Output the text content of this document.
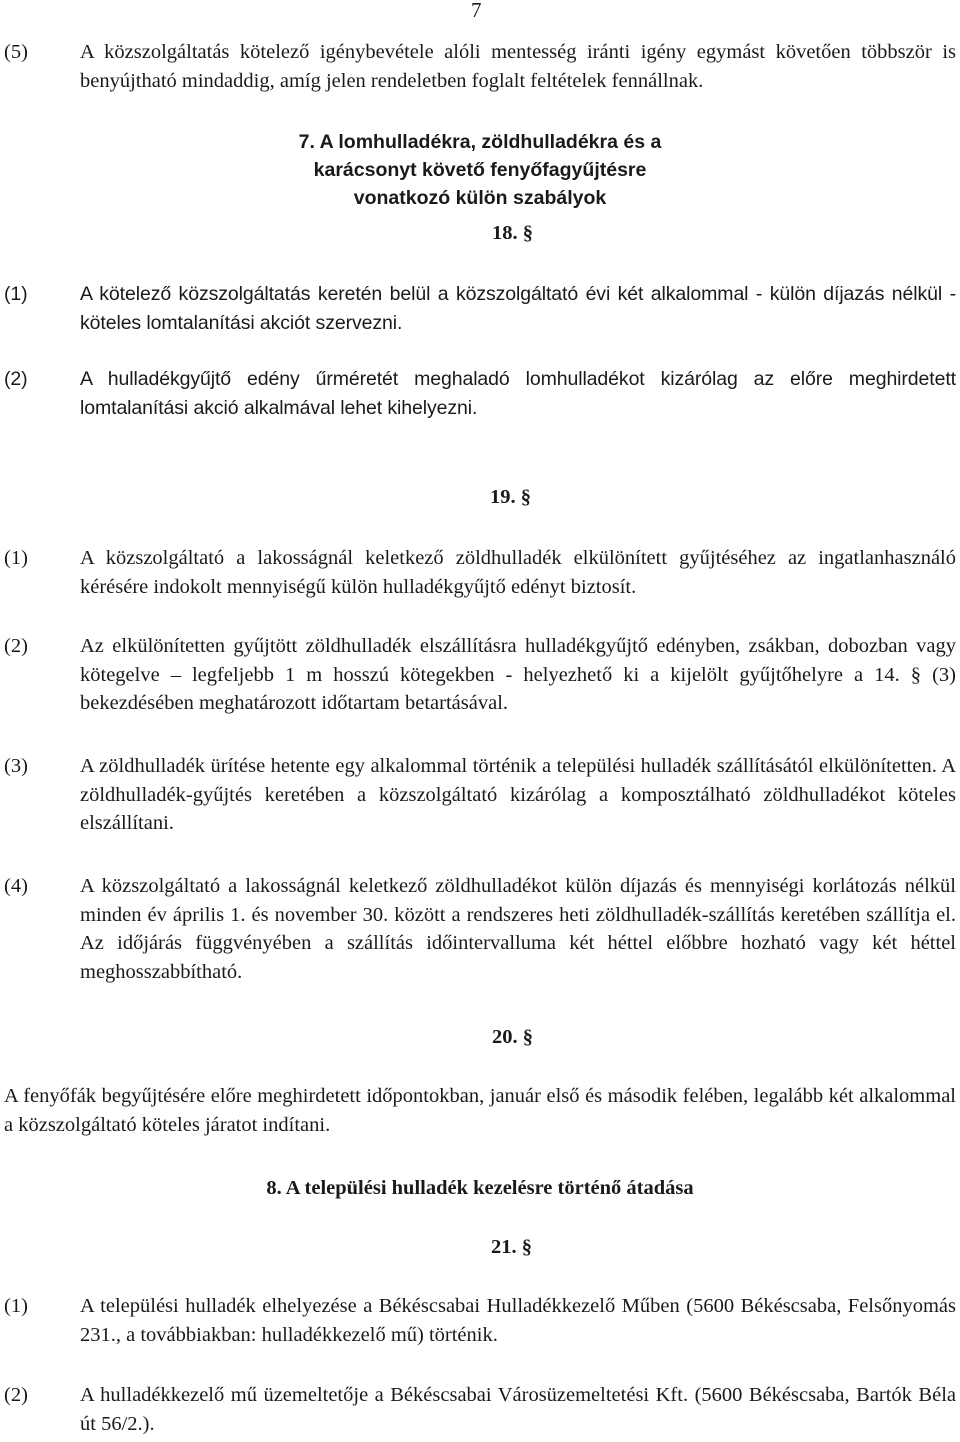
7
(5)	A közszolgáltatás kötelező igénybevétele alóli mentesség iránti igény egymást követően többször is benyújtható mindaddig, amíg jelen rendeletben foglalt feltételek fennállnak.
7. A lomhulladékra, zöldhulladékra és a karácsonyt követő fenyőfagyűjtésre vonatkozó külön szabályok
18. §
(1)	A kötelező közszolgáltatás keretén belül a közszolgáltató évi két alkalommal - külön díjazás nélkül - köteles lomtalanítási akciót szervezni.
(2)	A hulladékgyűjtő edény űrméretét meghaladó lomhulladékot kizárólag az előre meghirdetett lomtalanítási akció alkalmával lehet kihelyezni.
19. §
(1)	A közszolgáltató a lakosságnál keletkező zöldhulladék elkülönített gyűjtéséhez az ingatlanhasználó kérésére indokolt mennyiségű külön hulladékgyűjtő edényt biztosít.
(2)	Az elkülönítetten gyűjtött zöldhulladék elszállításra hulladékgyűjtő edényben, zsákban, dobozban vagy kötegelve – legfeljebb 1 m hosszú kötegekben - helyezhető ki a kijelölt gyűjtőhelyre a 14. § (3) bekezdésében meghatározott időtartam betartásával.
(3)	A zöldhulladék ürítése hetente egy alkalommal történik a települési hulladék szállításától elkülönítetten. A zöldhulladék-gyűjtés keretében a közszolgáltató kizárólag a komposztálható zöldhulladékot köteles elszállítani.
(4)	A közszolgáltató a lakosságnál keletkező zöldhulladékot külön díjazás és mennyiségi korlátozás nélkül minden év április 1. és november 30. között a rendszeres heti zöldhulladék-szállítás keretében szállítja el. Az időjárás függvényében a szállítás időintervalluma két héttel előbbre hozható vagy két héttel meghosszabbítható.
20. §
A fenyőfák begyűjtésére előre meghirdetett időpontokban, január első és második felében, legalább két alkalommal a közszolgáltató köteles járatot indítani.
8. A települési hulladék kezelésre történő átadása
21. §
(1)	A települési hulladék elhelyezése a Békéscsabai Hulladékkezelő Műben (5600 Békéscsaba, Felsőnyomás 231., a továbbiakban: hulladékkezelő mű) történik.
(2)	A hulladékkezelő mű üzemeltetője a Békéscsabai Városüzemeltetési Kft. (5600 Békéscsaba, Bartók Béla út 56/2.).
